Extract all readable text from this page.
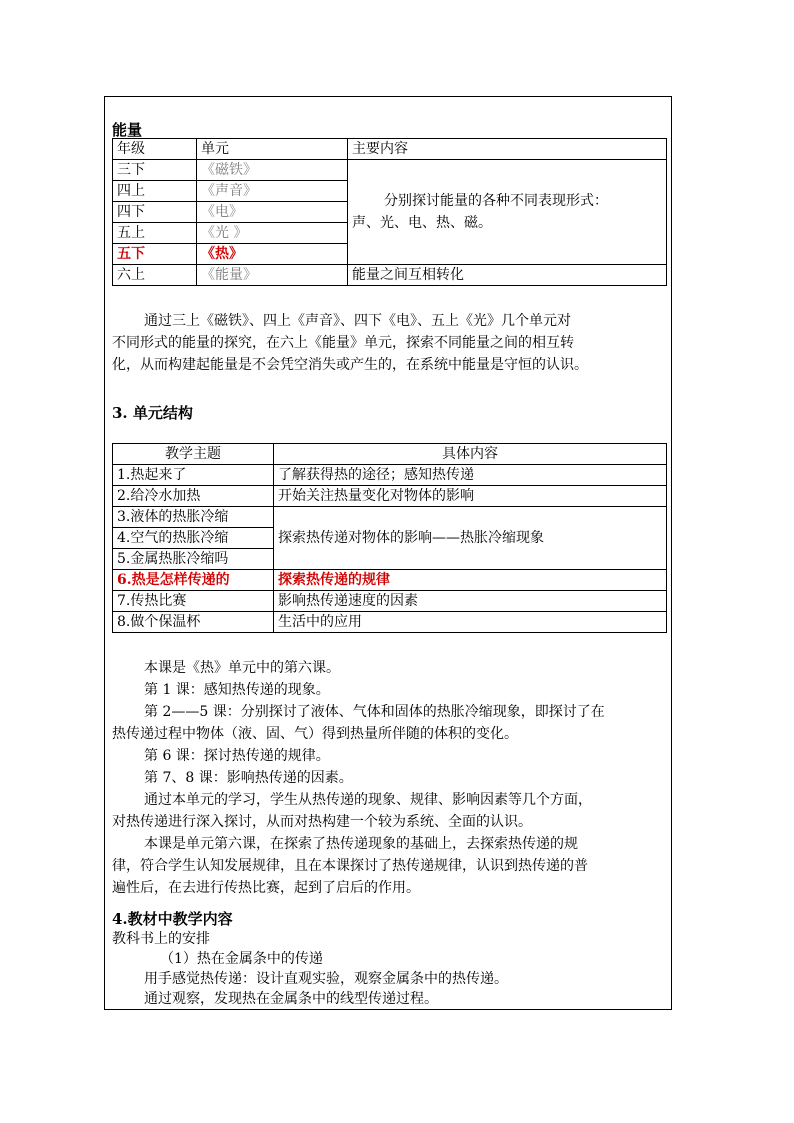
能量
年级	单元	主要内容
三下	《磁铁》	分别探讨能量的各种不同表现形式：
声、光、电、热、磁。

四上	《声音》	
四下	《电》	
五上	《光 》	
五下	《热》	
六上	《能量》	能量之间互相转化
通过三上《磁铁》、四上《声音》、四下《电》、五上《光》几个单元对
不同形式的能量的探究，在六上《能量》单元，探索不同能量之间的相互转
化，从而构建起能量是不会凭空消失或产生的，在系统中能量是守恒的认识。
3. 单元结构
教学主题	具体内容
1.热起来了	了解获得热的途径；感知热传递
2.给冷水加热	开始关注热量变化对物体的影响
3.液体的热胀冷缩	探索热传递对物体的影响——热胀冷缩现象
4.空气的热胀冷缩	
5.金属热胀冷缩吗	
6.热是怎样传递的	探索热传递的规律
7.传热比赛	影响热传递速度的因素
8.做个保温杯	生活中的应用
本课是《热》单元中的第六课。
第 1 课：感知热传递的现象。
第 2——5 课：分别探讨了液体、气体和固体的热胀冷缩现象，即探讨了在
热传递过程中物体（液、固、气）得到热量所伴随的体积的变化。
第 6 课：探讨热传递的规律。
第 7、8 课：影响热传递的因素。
通过本单元的学习，学生从热传递的现象、规律、影响因素等几个方面，
对热传递进行深入探讨，从而对热构建一个较为系统、全面的认识。
本课是单元第六课，在探索了热传递现象的基础上，去探索热传递的规
律，符合学生认知发展规律，且在本课探讨了热传递规律，认识到热传递的普
遍性后，在去进行传热比赛，起到了启后的作用。
4.教材中教学内容
教科书上的安排
（1）热在金属条中的传递
用手感觉热传递：设计直观实验，观察金属条中的热传递。
通过观察，发现热在金属条中的线型传递过程。
